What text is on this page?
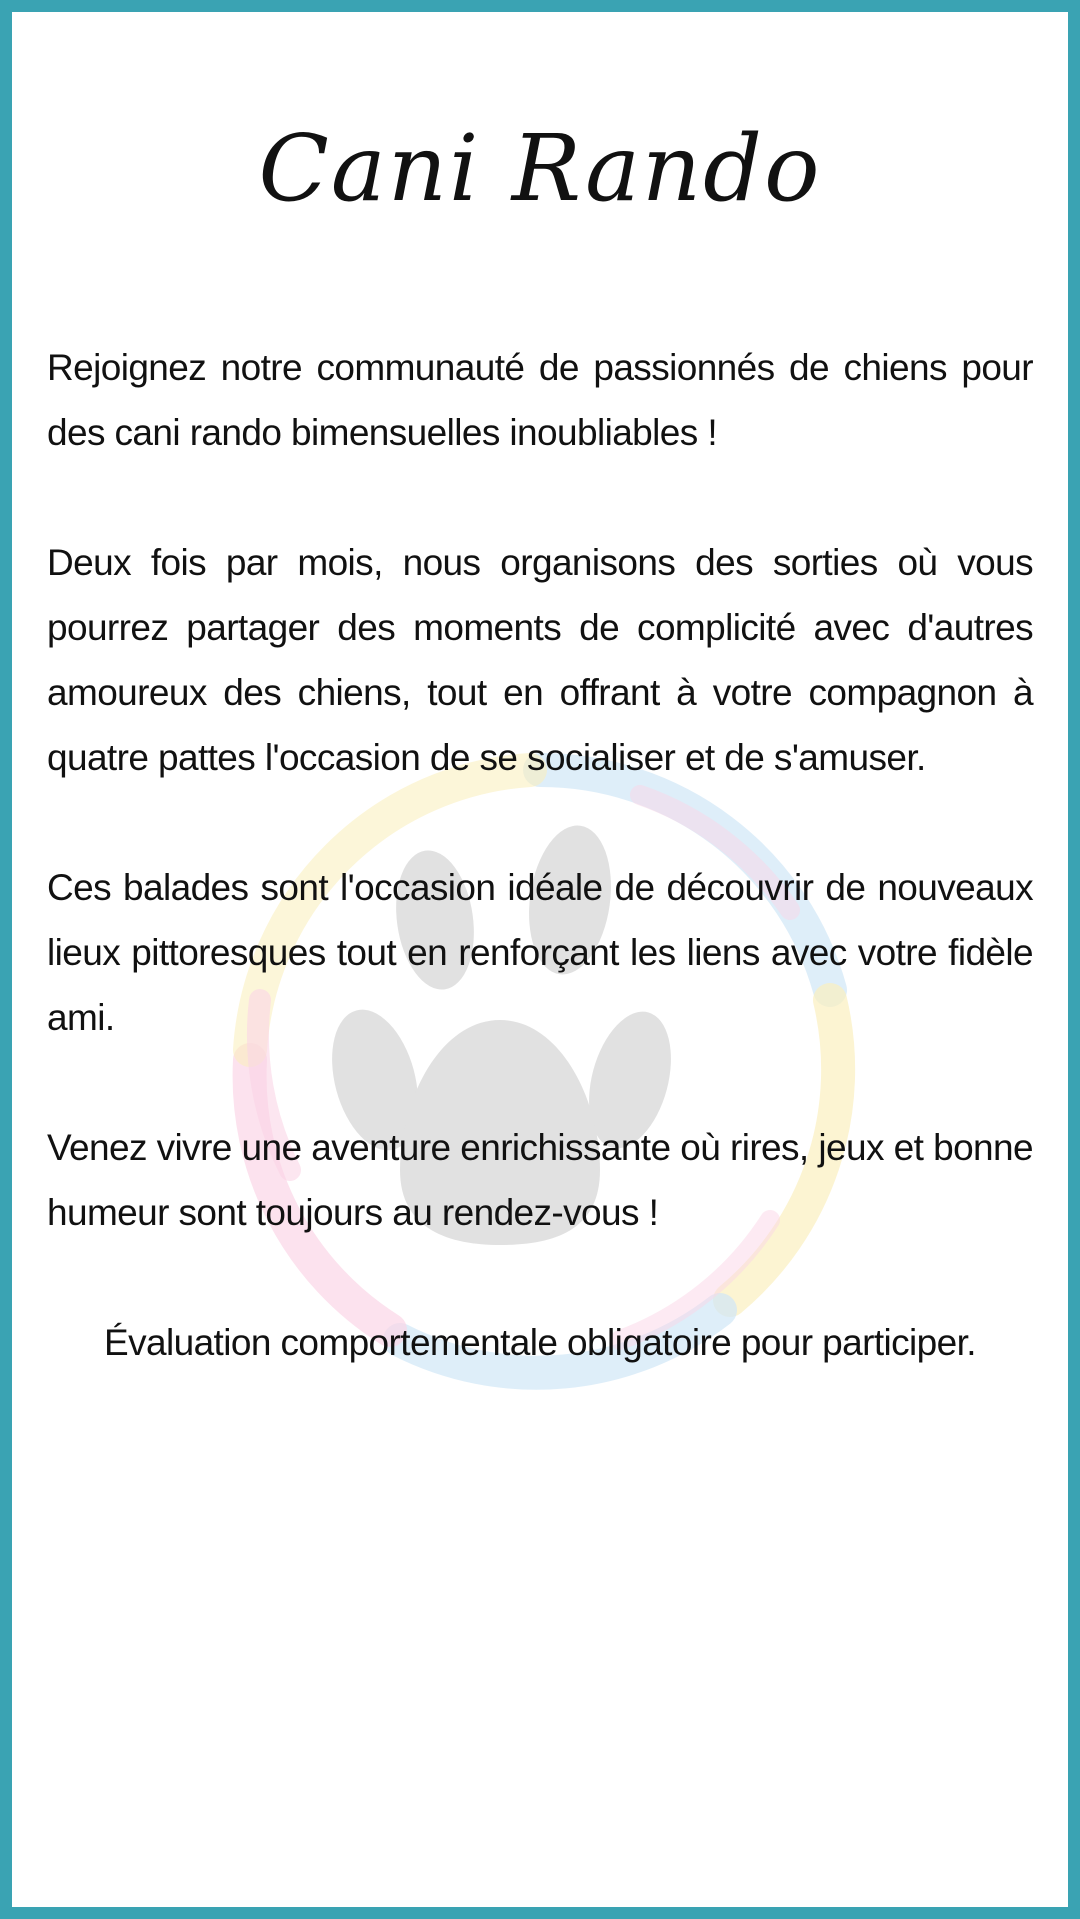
Cani Rando

Rejoignez notre communauté de passionnés de chiens pour des cani rando bimensuelles inoubliables !

Deux fois par mois, nous organisons des sorties où vous pourrez partager des moments de complicité avec d'autres amoureux des chiens, tout en offrant à votre compagnon à quatre pattes l'occasion de se socialiser et de s'amuser.

Ces balades sont l'occasion idéale de découvrir de nouveaux lieux pittoresques tout en renforçant les liens avec votre fidèle ami.

Venez vivre une aventure enrichissante où rires, jeux et bonne humeur sont toujours au rendez-vous !

Évaluation comportementale obligatoire pour participer.
